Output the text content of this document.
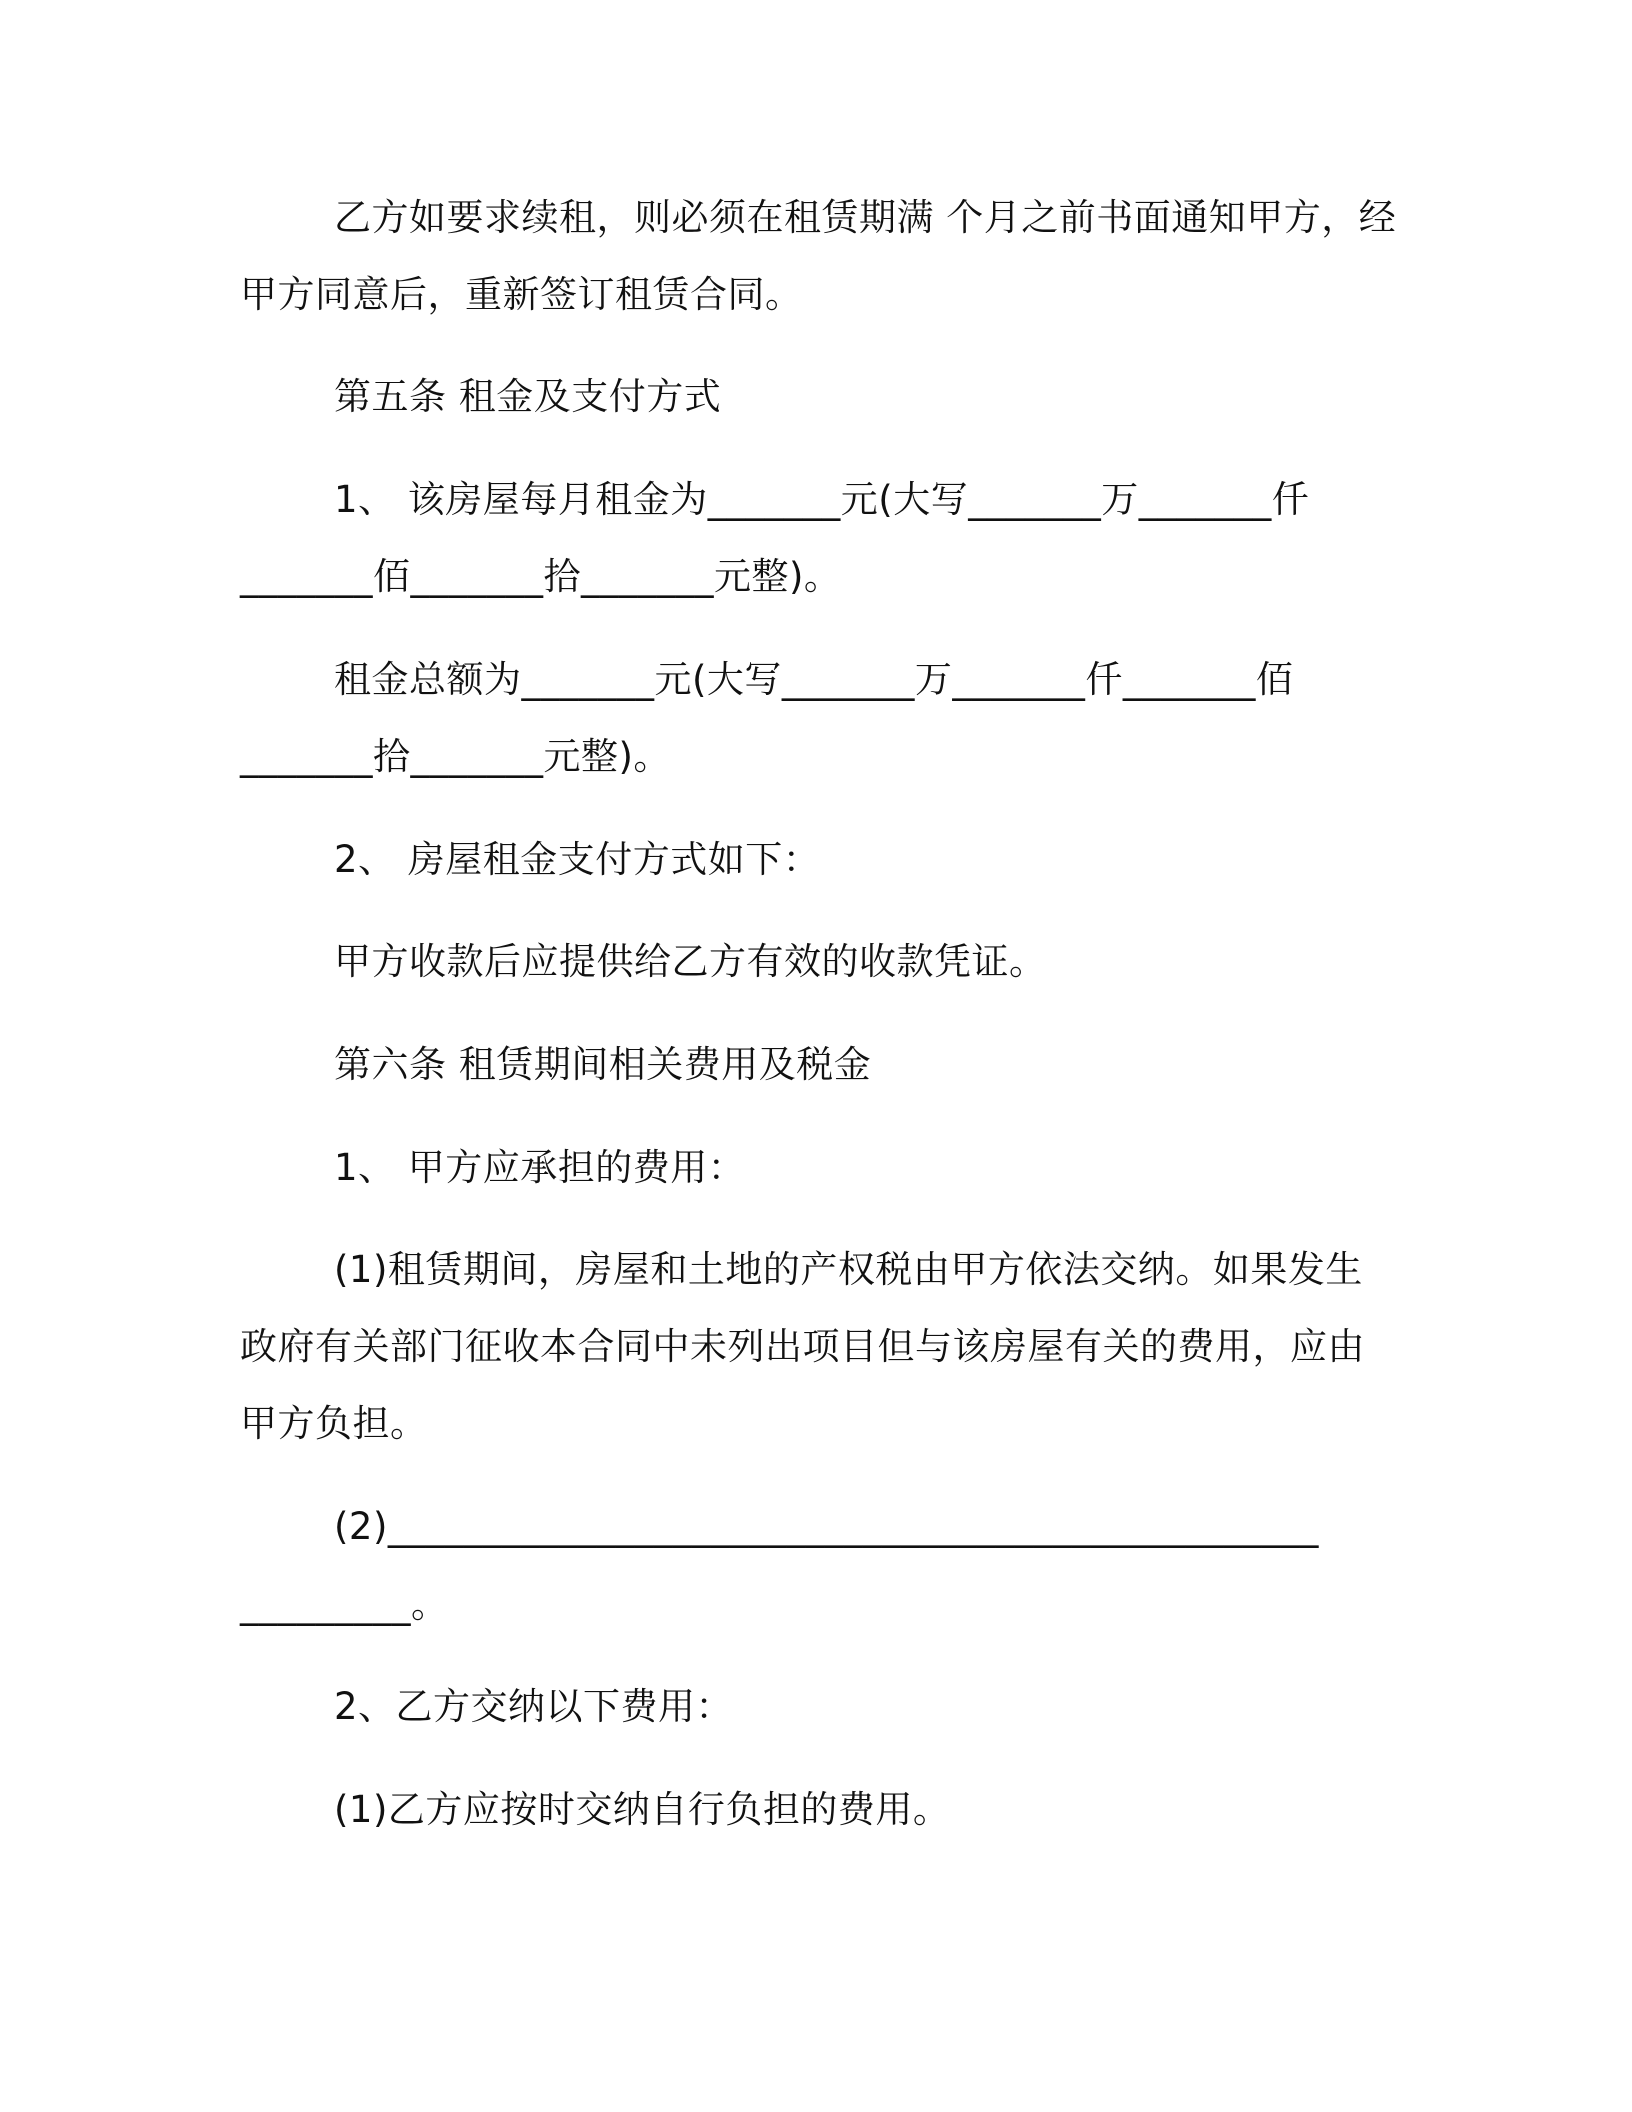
乙方如要求续租，则必须在租赁期满 个月之前书面通知甲方，经
甲方同意后，重新签订租赁合同。
第五条 租金及支付方式
1、 该房屋每月租金为_______元(大写_______万_______仟
_______佰_______拾_______元整)。
租金总额为_______元(大写_______万_______仟_______佰
_______拾_______元整)。
2、 房屋租金支付方式如下：
甲方收款后应提供给乙方有效的收款凭证。
第六条 租赁期间相关费用及税金
1、 甲方应承担的费用：
(1)租赁期间，房屋和土地的产权税由甲方依法交纳。如果发生
政府有关部门征收本合同中未列出项目但与该房屋有关的费用，应由
甲方负担。
(2)_________________________________________________
_________。
2、乙方交纳以下费用：
(1)乙方应按时交纳自行负担的费用。
